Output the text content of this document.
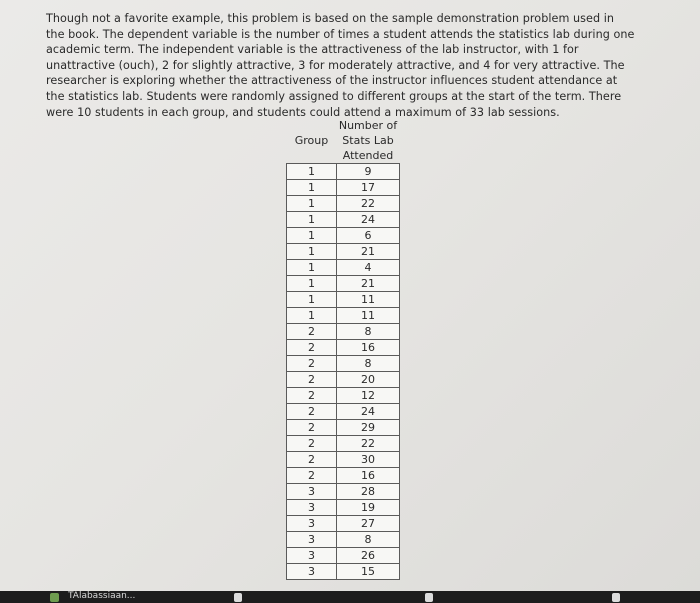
Though not a favorite example, this problem is based on the sample demonstration problem used in the book. The dependent variable is the number of times a student attends the statistics lab during one academic term. The independent variable is the attractiveness of the lab instructor, with 1 for unattractive (ouch), 2 for slightly attractive, 3 for moderately attractive, and 4 for very attractive. The researcher is exploring whether the attractiveness of the instructor influences student attendance at the statistics lab. Students were randomly assigned to different groups at the start of the term. There were 10 students in each group, and students could attend a maximum of 33 lab sessions.

Group	Number of Stats Lab Attended
1	9
1	17
1	22
1	24
1	6
1	21
1	4
1	21
1	11
1	11
2	8
2	16
2	8
2	20
2	12
2	24
2	29
2	22
2	30
2	16
3	28
3	19
3	27
3	8
3	26
3	15
TAlabassiaan...
